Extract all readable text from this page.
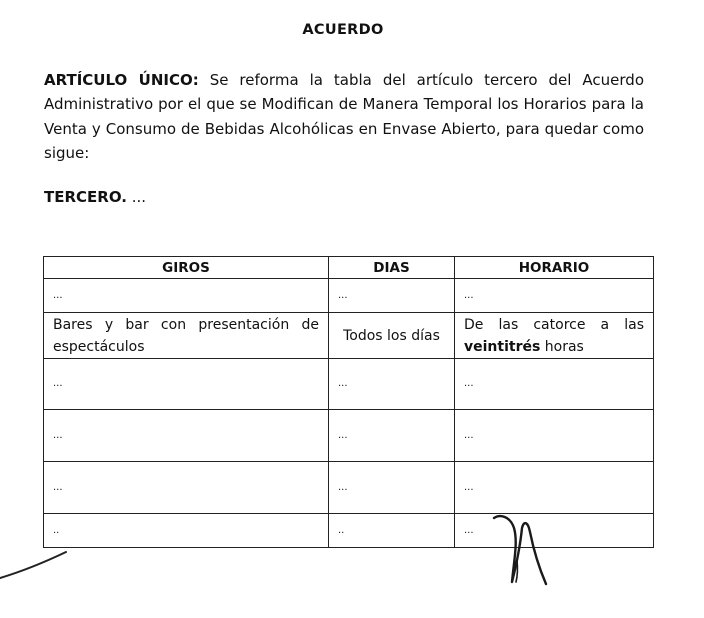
ACUERDO
ARTÍCULO ÚNICO: Se reforma la tabla del artículo tercero del Acuerdo Administrativo por el que se Modifican de Manera Temporal los Horarios para la Venta y Consumo de Bebidas Alcohólicas en Envase Abierto, para quedar como sigue:
TERCERO. ...
GIROS	DIAS	HORARIO
...	...	...

Bares y bar con presentación de espectáculos	Todos los días	De las catorce a las
veintitrés horas

...	...	...
...	...	...
...	...	...
..	..	...
